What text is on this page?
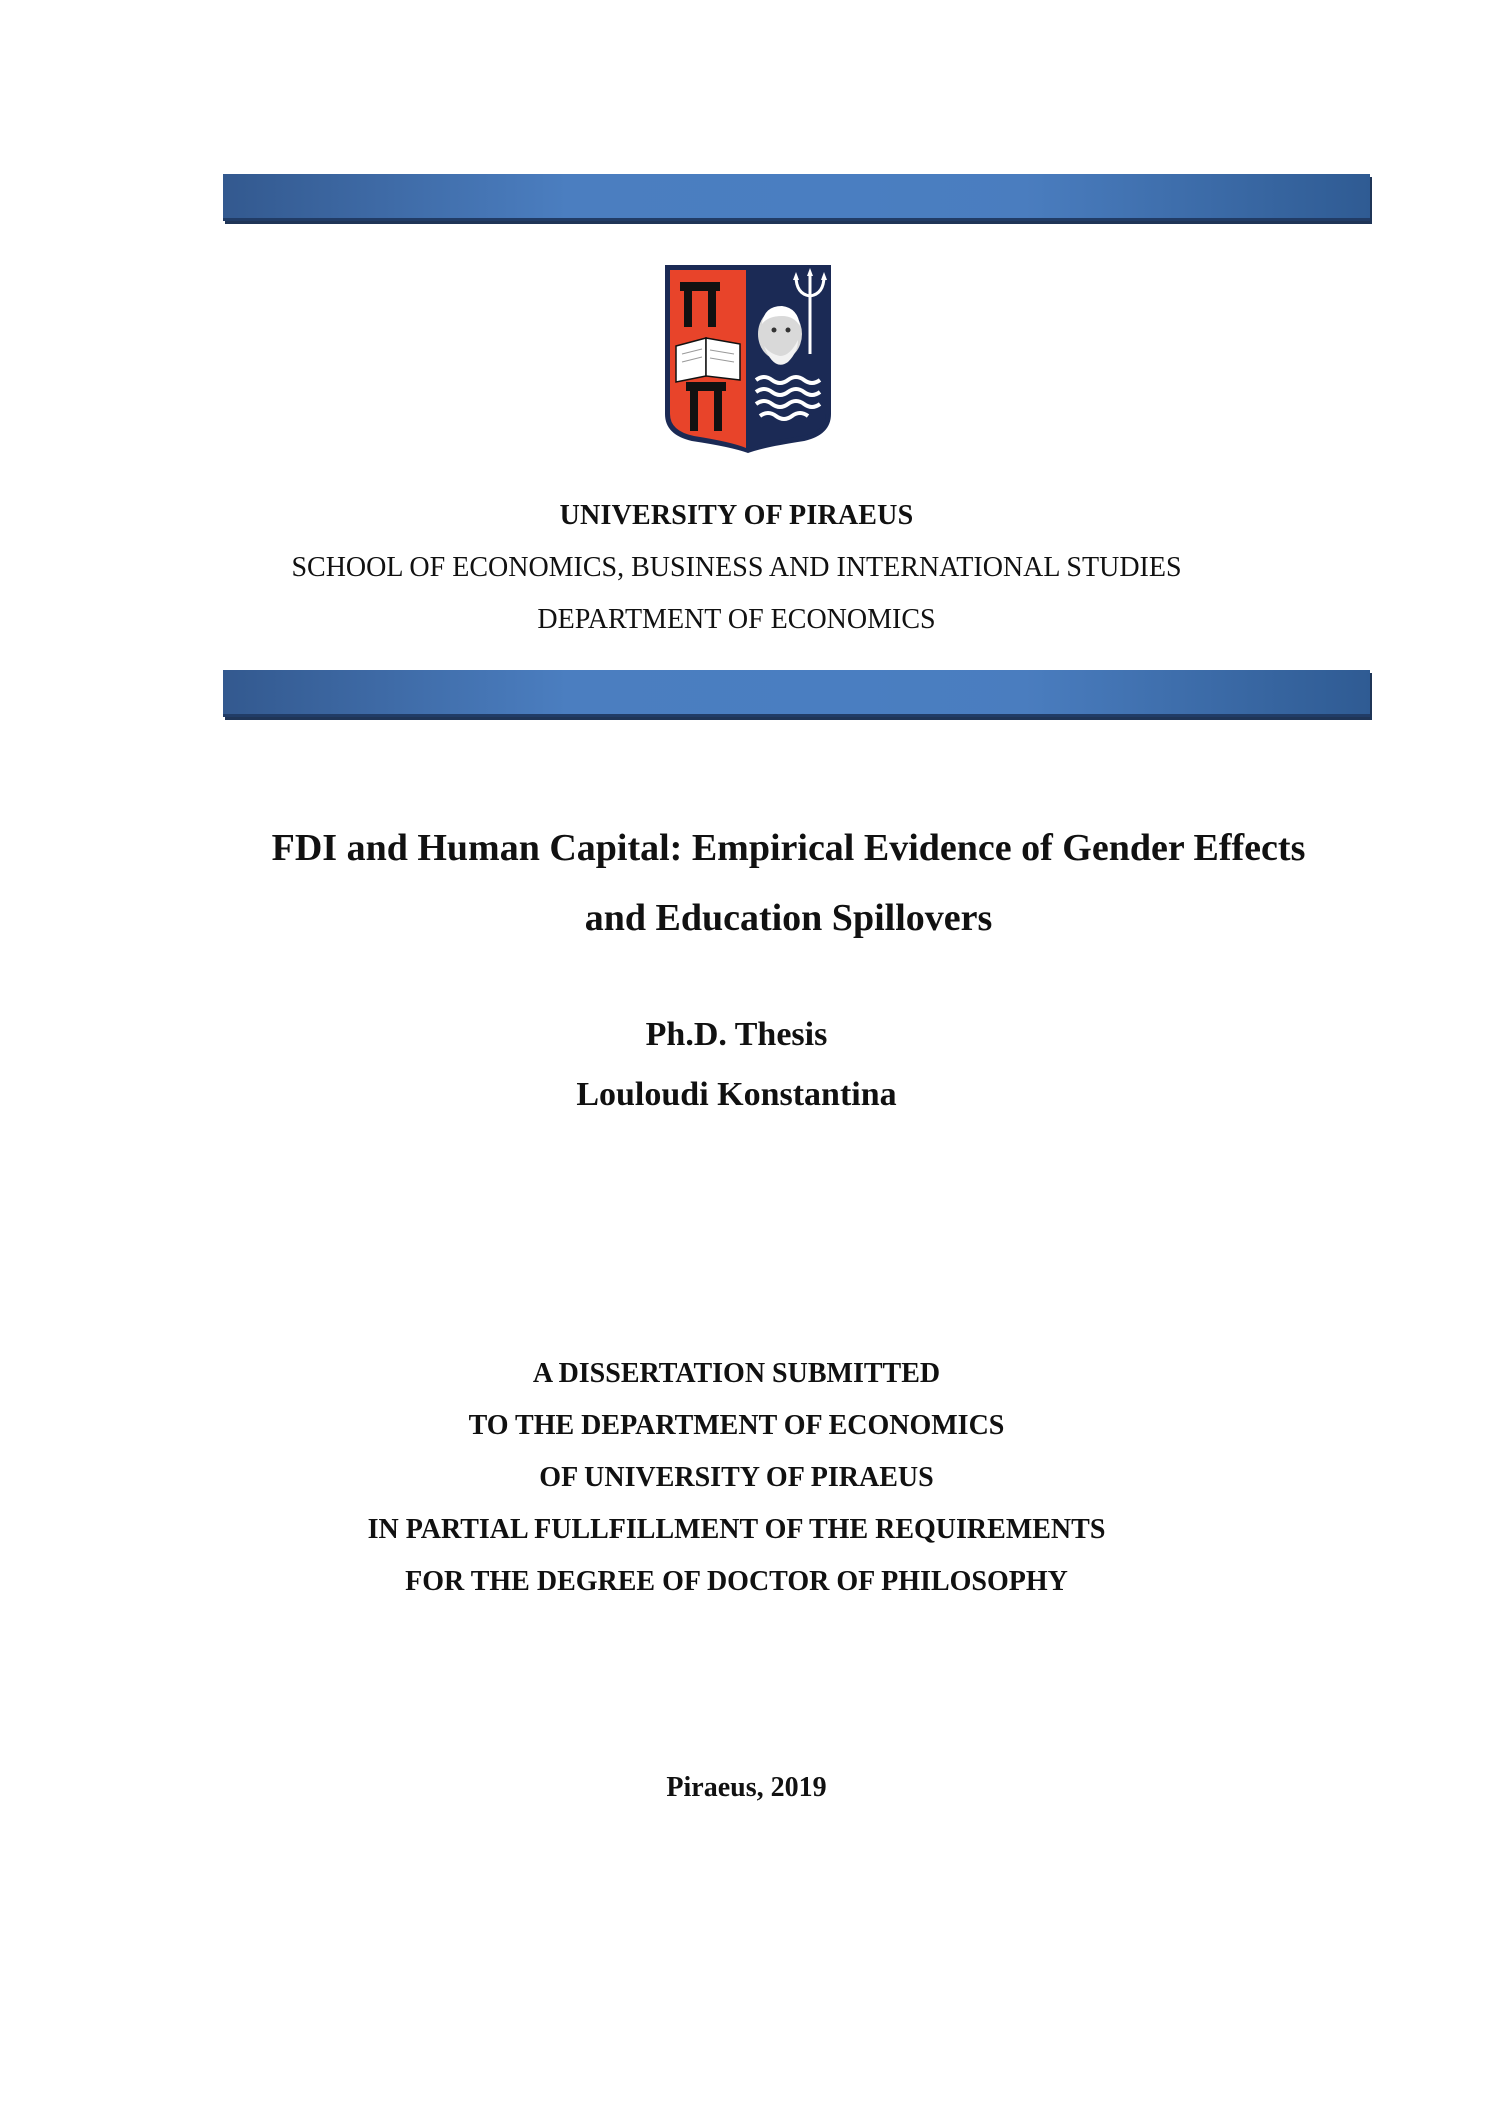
UNIVERSITY OF PIRAEUS
SCHOOL OF ECONOMICS, BUSINESS AND INTERNATIONAL STUDIES
DEPARTMENT OF ECONOMICS
FDI and Human Capital: Empirical Evidence of Gender Effects
and Education Spillovers
Ph.D. Thesis
Louloudi Konstantina
A DISSERTATION SUBMITTED
TO THE DEPARTMENT OF ECONOMICS
OF UNIVERSITY OF PIRAEUS
IN PARTIAL FULLFILLMENT OF THE REQUIREMENTS
FOR THE DEGREE OF DOCTOR OF PHILOSOPHY
Piraeus, 2019
